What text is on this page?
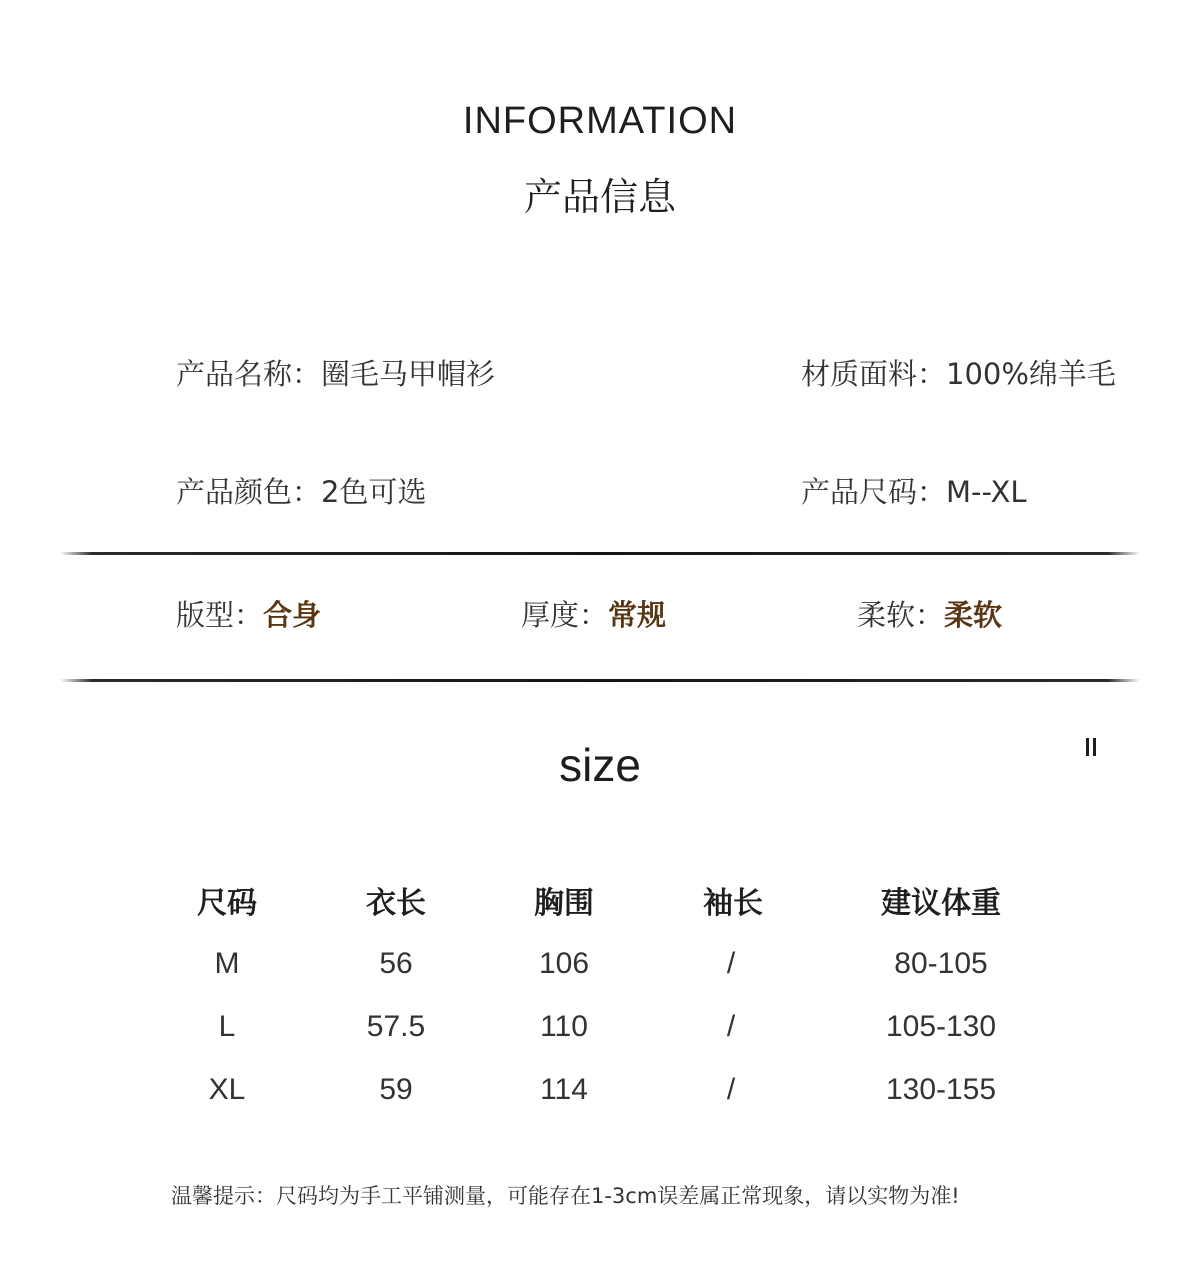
INFORMATION
产品信息
产品名称：圈毛马甲帽衫	材质面料：100%绵羊毛
产品颜色：2色可选	产品尺码：M--XL
版型：合身	厚度：常规	柔软：柔软
size
尺码	衣长	胸围	袖长	建议体重
M	56	106	/	80-105
L	57.5	110	/	105-130
XL	59	114	/	130-155
温馨提示：尺码均为手工平铺测量，可能存在1-3cm误差属正常现象，请以实物为准!
